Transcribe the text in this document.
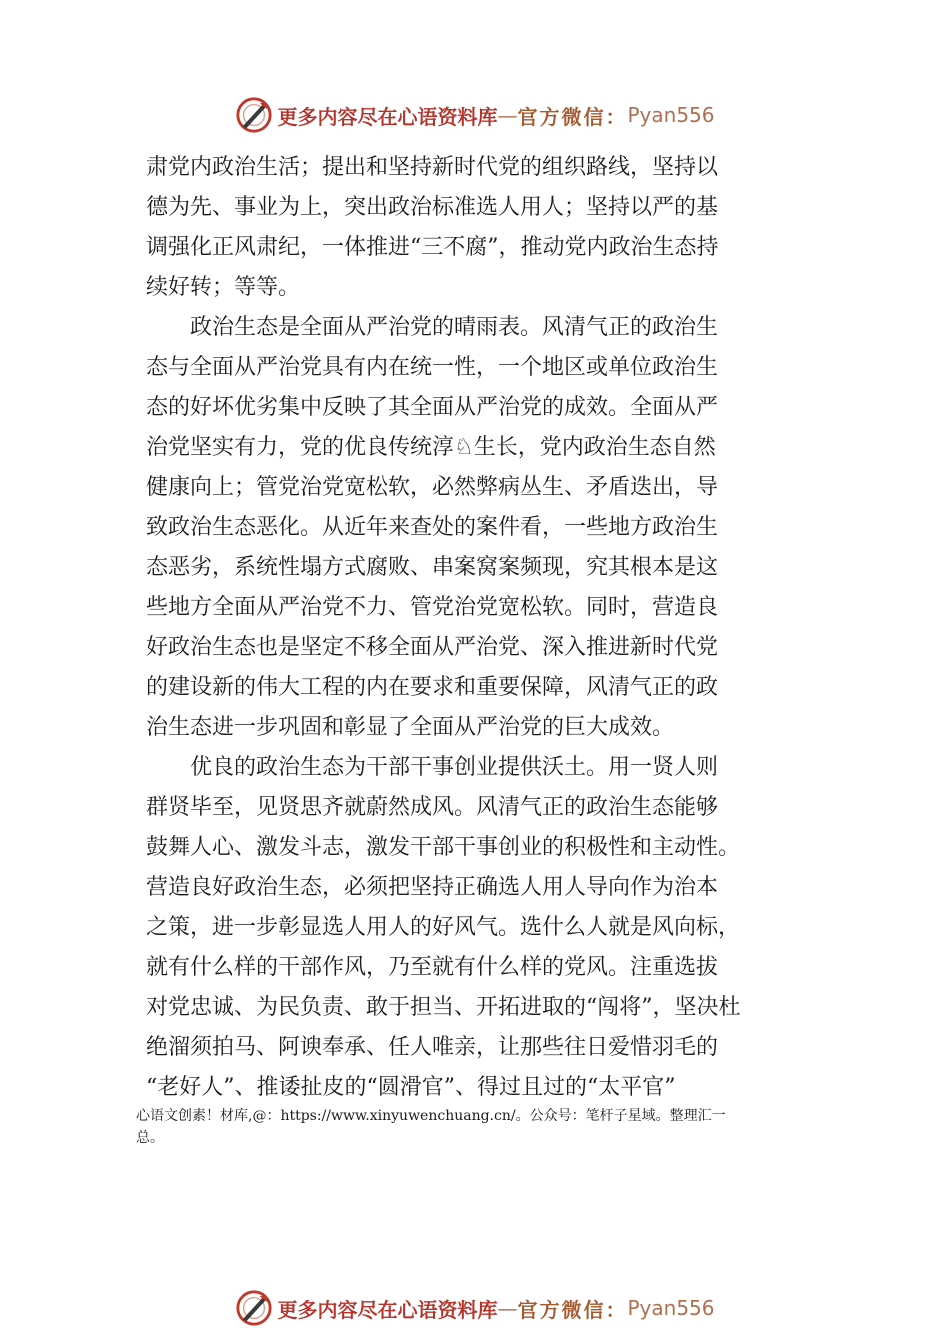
更多内容尽在心语资料库 — 官方微信： Pyan556
肃党内政治生活；提出和坚持新时代党的组织路线，坚持以
德为先、事业为上，突出政治标准选人用人；坚持以严的基
调强化正风肃纪，一体推进“三不腐”，推动党内政治生态持
续好转；等等。
　　政治生态是全面从严治党的晴雨表。风清气正的政治生
态与全面从严治党具有内在统一性，一个地区或单位政治生
态的好坏优劣集中反映了其全面从严治党的成效。全面从严
治党坚实有力，党的优良传统淳♘生长，党内政治生态自然
健康向上；管党治党宽松软，必然弊病丛生、矛盾迭出，导
致政治生态恶化。从近年来查处的案件看，一些地方政治生
态恶劣，系统性塌方式腐败、串案窝案频现，究其根本是这
些地方全面从严治党不力、管党治党宽松软。同时，营造良
好政治生态也是坚定不移全面从严治党、深入推进新时代党
的建设新的伟大工程的内在要求和重要保障，风清气正的政
治生态进一步巩固和彰显了全面从严治党的巨大成效。
　　优良的政治生态为干部干事创业提供沃土。用一贤人则
群贤毕至，见贤思齐就蔚然成风。风清气正的政治生态能够
鼓舞人心、激发斗志，激发干部干事创业的积极性和主动性。
营造良好政治生态，必须把坚持正确选人用人导向作为治本
之策，进一步彰显选人用人的好风气。选什么人就是风向标，
就有什么样的干部作风，乃至就有什么样的党风。注重选拔
对党忠诚、为民负责、敢于担当、开拓进取的“闯将”，坚决杜
绝溜须拍马、阿谀奉承、任人唯亲，让那些往日爱惜羽毛的
“老好人”、推诿扯皮的“圆滑官”、得过且过的“太平官”
心语文创素！材库,@：https://www.xinyuwenchuang.cn/。公众号：笔杆子星域。整理汇一
总。
更多内容尽在心语资料库 — 官方微信： Pyan556
